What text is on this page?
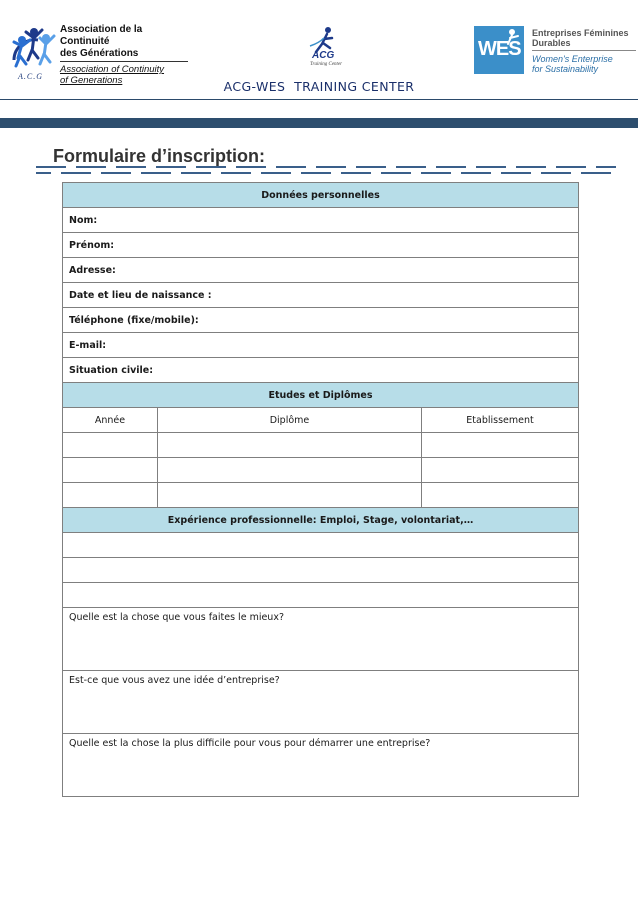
A.C.G
Association de la Continuité
des Générations
Association of Continuity
of Generations
ACG
Training Center
WES
Entreprises Féminines
Durables
Women's Enterprise
for Sustainability
ACG-WES  TRAINING CENTER
Formulaire d’inscription:
Données personnelles		
Nom:		
Prénom:		
Adresse:		
Date et lieu de naissance :		
Téléphone (fixe/mobile):		
E-mail:		
Situation civile:		
Etudes et Diplômes		
Année	Diplôme	Etablissement

Expérience professionnelle: Emploi, Stage, volontariat,…		

Quelle est la chose que vous faites le mieux?		
Est-ce que vous avez une idée d’entreprise?		
Quelle est la chose la plus difficile pour vous pour démarrer une entreprise?		
